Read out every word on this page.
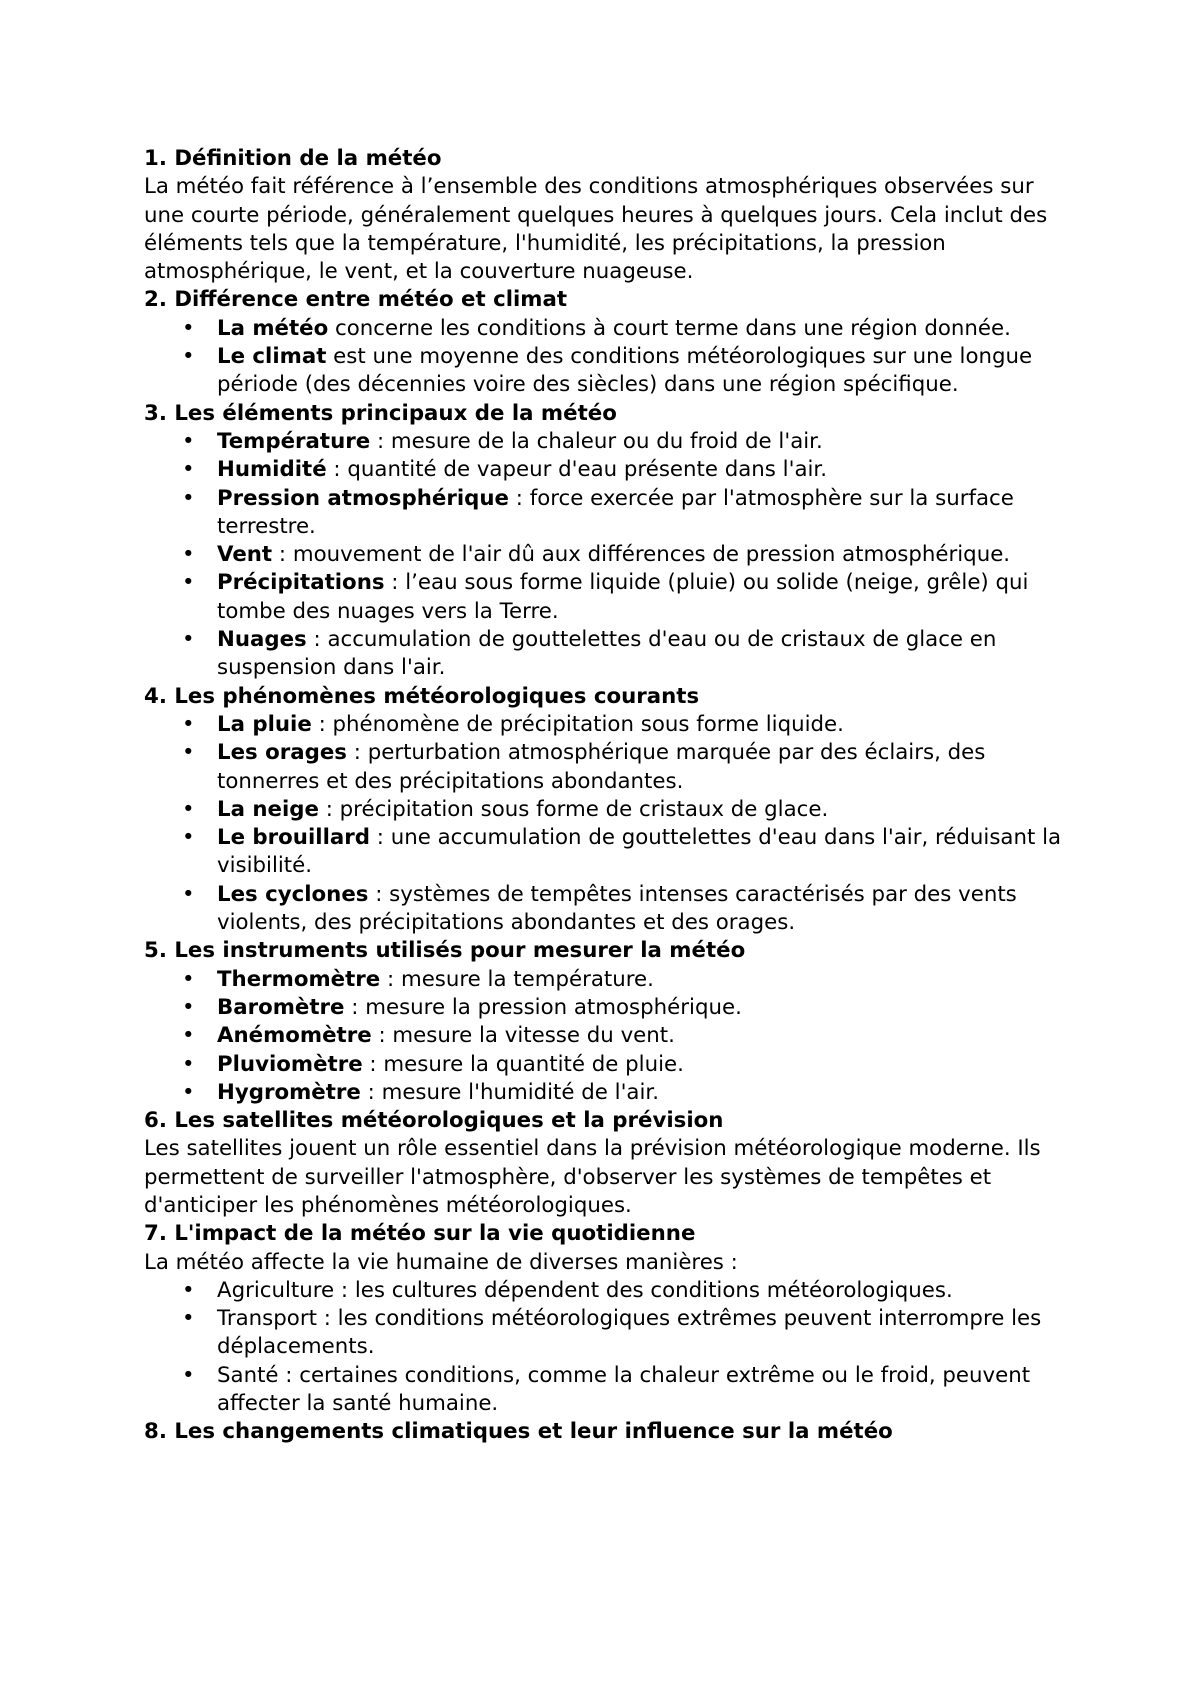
1. Définition de la météo

La météo fait référence à l’ensemble des conditions atmosphériques observées sur une courte période, généralement quelques heures à quelques jours. Cela inclut des éléments tels que la température, l'humidité, les précipitations, la pression atmosphérique, le vent, et la couverture nuageuse.

2. Différence entre météo et climat

• La météo concerne les conditions à court terme dans une région donnée.
• Le climat est une moyenne des conditions météorologiques sur une longue période (des décennies voire des siècles) dans une région spécifique.

3. Les éléments principaux de la météo

• Température : mesure de la chaleur ou du froid de l'air.
• Humidité : quantité de vapeur d'eau présente dans l'air.
• Pression atmosphérique : force exercée par l'atmosphère sur la surface terrestre.
• Vent : mouvement de l'air dû aux différences de pression atmosphérique.
• Précipitations : l’eau sous forme liquide (pluie) ou solide (neige, grêle) qui tombe des nuages vers la Terre.
• Nuages : accumulation de gouttelettes d'eau ou de cristaux de glace en suspension dans l'air.

4. Les phénomènes météorologiques courants

• La pluie : phénomène de précipitation sous forme liquide.
• Les orages : perturbation atmosphérique marquée par des éclairs, des tonnerres et des précipitations abondantes.
• La neige : précipitation sous forme de cristaux de glace.
• Le brouillard : une accumulation de gouttelettes d'eau dans l'air, réduisant la visibilité.
• Les cyclones : systèmes de tempêtes intenses caractérisés par des vents violents, des précipitations abondantes et des orages.

5. Les instruments utilisés pour mesurer la météo

• Thermomètre : mesure la température.
• Baromètre : mesure la pression atmosphérique.
• Anémomètre : mesure la vitesse du vent.
• Pluviomètre : mesure la quantité de pluie.
• Hygromètre : mesure l'humidité de l'air.

6. Les satellites météorologiques et la prévision

Les satellites jouent un rôle essentiel dans la prévision météorologique moderne. Ils permettent de surveiller l'atmosphère, d'observer les systèmes de tempêtes et d'anticiper les phénomènes météorologiques.

7. L'impact de la météo sur la vie quotidienne

La météo affecte la vie humaine de diverses manières :

• Agriculture : les cultures dépendent des conditions météorologiques.
• Transport : les conditions météorologiques extrêmes peuvent interrompre les déplacements.
• Santé : certaines conditions, comme la chaleur extrême ou le froid, peuvent affecter la santé humaine.

8. Les changements climatiques et leur influence sur la météo
